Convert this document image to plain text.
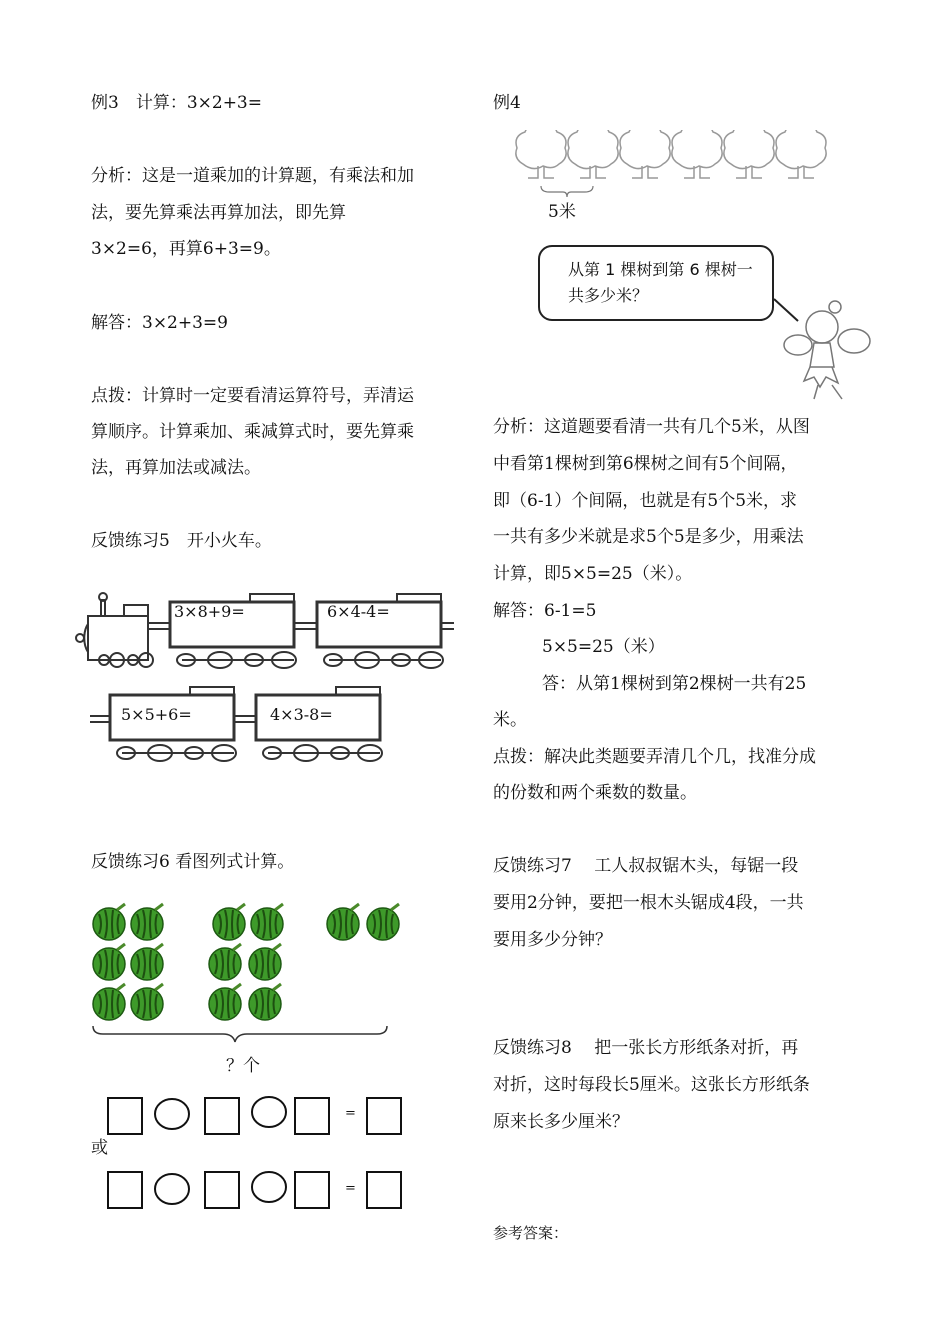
例3　计算：3×2+3=
分析：这是一道乘加的计算题，有乘法和加
法，要先算乘法再算加法，即先算
3×2=6，再算6+3=9。
解答：3×2+3=9
点拨：计算时一定要看清运算符号，弄清运
算顺序。计算乘加、乘减算式时，要先算乘
法，再算加法或减法。
反馈练习5　开小火车。
3×8+9=	6×4-4=
5×5+6=	4×3-8=
反馈练习6 看图列式计算。
？个
=
或
=
例4
5米
从第 1 棵树到第 6 棵树一
共多少米？
分析：这道题要看清一共有几个5米，从图
中看第1棵树到第6棵树之间有5个间隔，
即（6-1）个间隔，也就是有5个5米，求
一共有多少米就是求5个5是多少，用乘法
计算，即5×5=25（米）。
解答：6-1=5
5×5=25（米）
答：从第1棵树到第2棵树一共有25
米。
点拨：解决此类题要弄清几个几，找准分成
的份数和两个乘数的数量。
反馈练习7　 工人叔叔锯木头，每锯一段
要用2分钟，要把一根木头锯成4段，一共
要用多少分钟？
反馈练习8　 把一张长方形纸条对折，再
对折，这时每段长5厘米。这张长方形纸条
原来长多少厘米？
参考答案：
